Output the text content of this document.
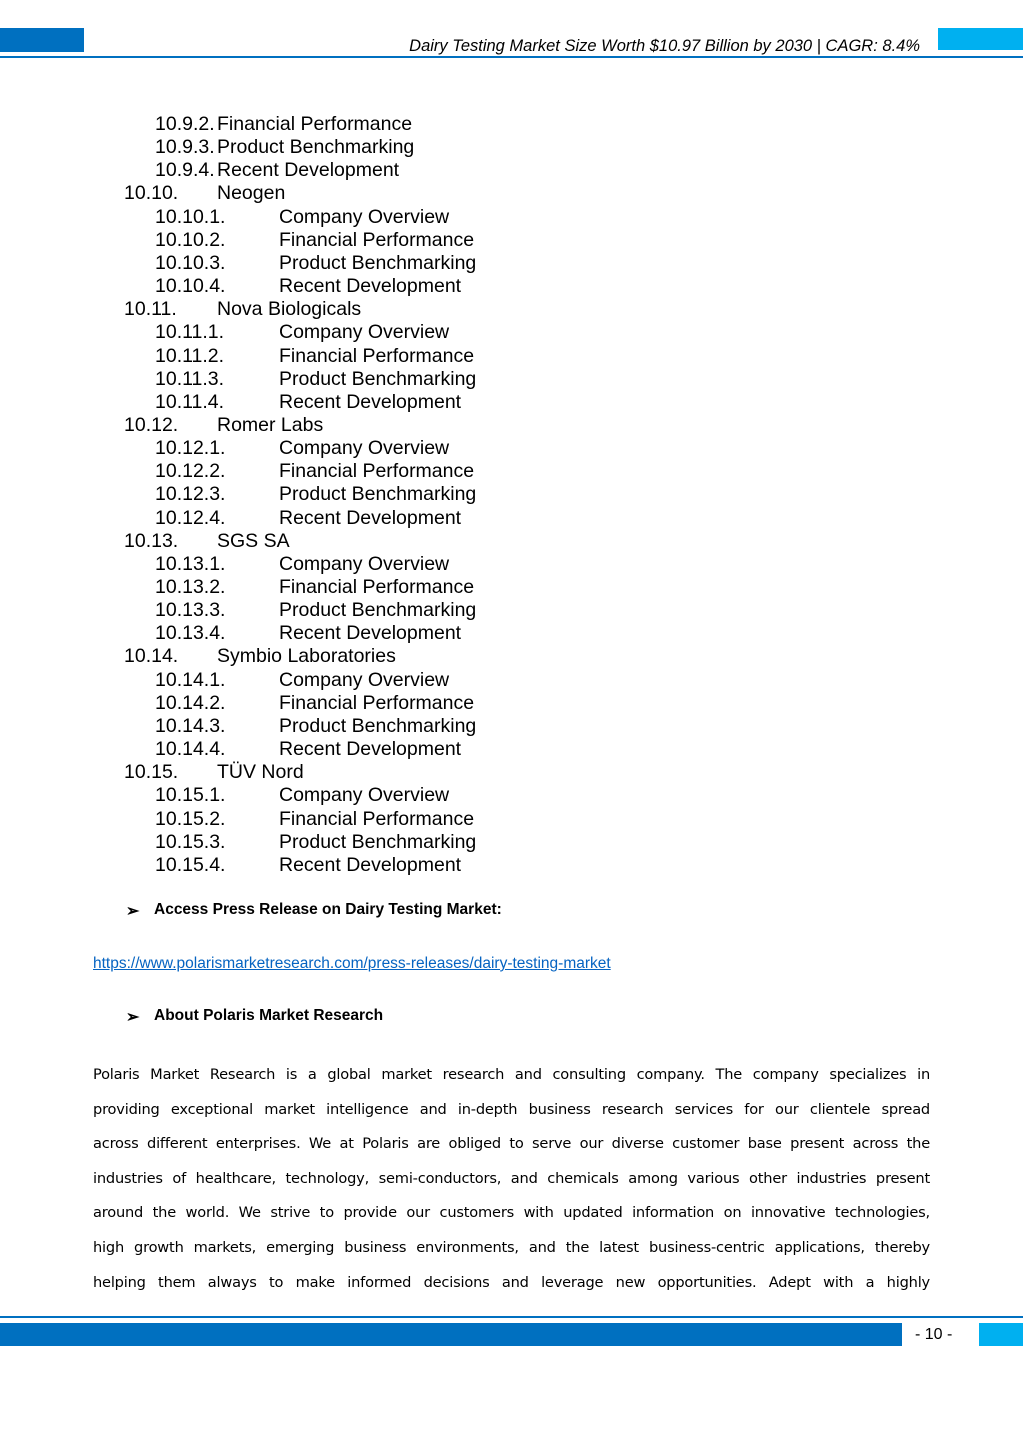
Dairy Testing Market Size Worth $10.97 Billion by 2030 | CAGR: 8.4%
10.9.2. Financial Performance
10.9.3. Product Benchmarking
10.9.4. Recent Development
10.10. Neogen
10.10.1.	Company Overview
10.10.2.	Financial Performance
10.10.3.	Product Benchmarking
10.10.4.	Recent Development
10.11. Nova Biologicals
10.11.1.	Company Overview
10.11.2.	Financial Performance
10.11.3.	Product Benchmarking
10.11.4.	Recent Development
10.12. Romer Labs
10.12.1.	Company Overview
10.12.2.	Financial Performance
10.12.3.	Product Benchmarking
10.12.4.	Recent Development
10.13. SGS SA
10.13.1.	Company Overview
10.13.2.	Financial Performance
10.13.3.	Product Benchmarking
10.13.4.	Recent Development
10.14. Symbio Laboratories
10.14.1.	Company Overview
10.14.2.	Financial Performance
10.14.3.	Product Benchmarking
10.14.4.	Recent Development
10.15. TÜV Nord
10.15.1.	Company Overview
10.15.2.	Financial Performance
10.15.3.	Product Benchmarking
10.15.4.	Recent Development
➢ Access Press Release on Dairy Testing Market:
https://www.polarismarketresearch.com/press-releases/dairy-testing-market
➢ About Polaris Market Research
Polaris Market Research is a global market research and consulting company. The company specializes in
providing exceptional market intelligence and in-depth business research services for our clientele spread
across different enterprises. We at Polaris are obliged to serve our diverse customer base present across the
industries of healthcare, technology, semi-conductors, and chemicals among various other industries present
around the world. We strive to provide our customers with updated information on innovative technologies,
high growth markets, emerging business environments, and the latest business-centric applications, thereby
helping them always to make informed decisions and leverage new opportunities. Adept with a highly
- 10 -
